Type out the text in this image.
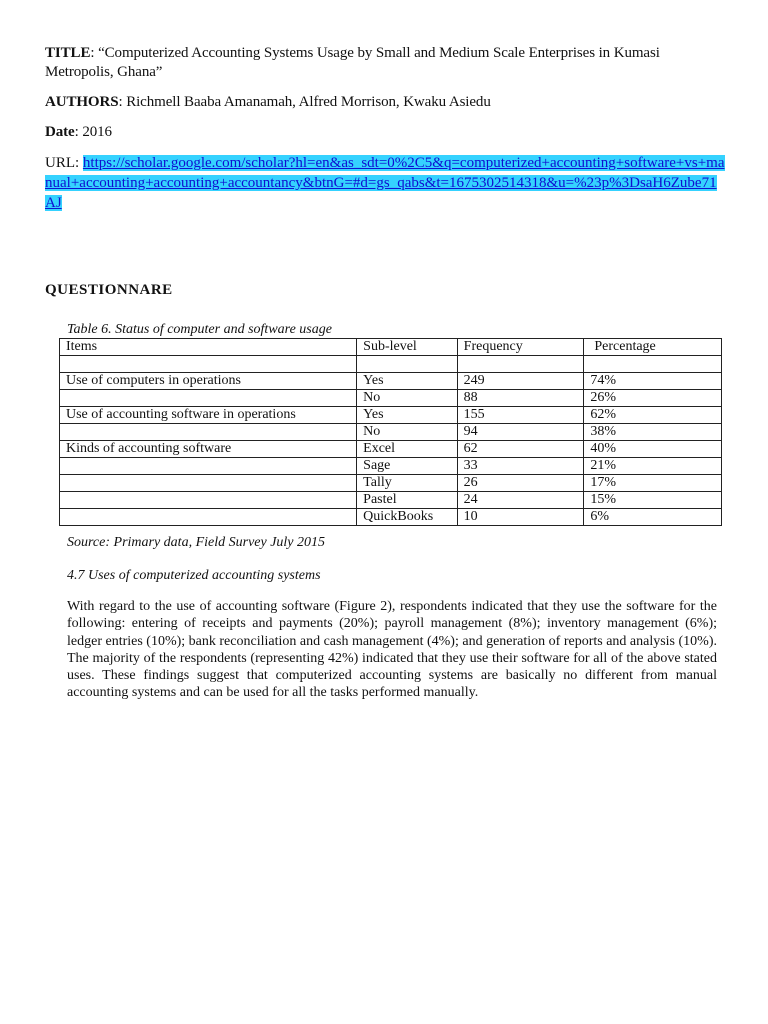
TITLE: “Computerized Accounting Systems Usage by Small and Medium Scale Enterprises in Kumasi Metropolis, Ghana”

AUTHORS: Richmell Baaba Amanamah, Alfred Morrison, Kwaku Asiedu

Date: 2016

URL: https://scholar.google.com/scholar?hl=en&as_sdt=0%2C5&q=computerized+accounting+software+vs+manual+accounting+accounting+accountancy&btnG=#d=gs_qabs&t=1675302514318&u=%23p%3DsaH6Zube71AJ

QUESTIONNARE
Table 6. Status of computer and software usage
Items	Sub-level	Frequency	Percentage

Use of computers in operations	Yes	249	74%
	No	88	26%
Use of accounting software in operations	Yes	155	62%
	No	94	38%
Kinds of accounting software	Excel	62	40%
	Sage	33	21%
	Tally	26	17%
	Pastel	24	15%
	QuickBooks	10	6%
Source: Primary data, Field Survey July 2015
4.7 Uses of computerized accounting systems

With regard to the use of accounting software (Figure 2), respondents indicated that they use the software for the following: entering of receipts and payments (20%); payroll management (8%); inventory management (6%); ledger entries (10%); bank reconciliation and cash management (4%); and generation of reports and analysis (10%). The majority of the respondents (representing 42%) indicated that they use their software for all of the above stated uses. These findings suggest that computerized accounting systems are basically no different from manual accounting systems and can be used for all the tasks performed manually.
